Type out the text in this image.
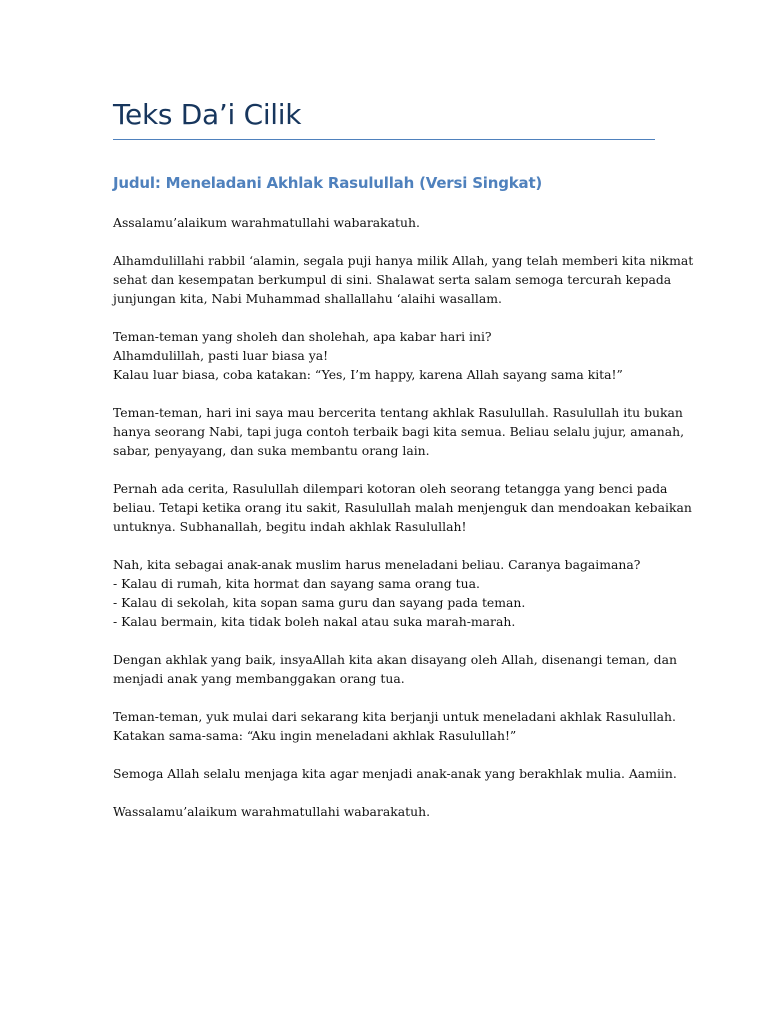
Teks Da’i Cilik
Judul: Meneladani Akhlak Rasulullah (Versi Singkat)

Assalamu’alaikum warahmatullahi wabarakatuh.

Alhamdulillahi rabbil ‘alamin, segala puji hanya milik Allah, yang telah memberi kita nikmat
sehat dan kesempatan berkumpul di sini. Shalawat serta salam semoga tercurah kepada
junjungan kita, Nabi Muhammad shallallahu ‘alaihi wasallam.

Teman-teman yang sholeh dan sholehah, apa kabar hari ini?
Alhamdulillah, pasti luar biasa ya!
Kalau luar biasa, coba katakan: “Yes, I’m happy, karena Allah sayang sama kita!”

Teman-teman, hari ini saya mau bercerita tentang akhlak Rasulullah. Rasulullah itu bukan
hanya seorang Nabi, tapi juga contoh terbaik bagi kita semua. Beliau selalu jujur, amanah,
sabar, penyayang, dan suka membantu orang lain.

Pernah ada cerita, Rasulullah dilempari kotoran oleh seorang tetangga yang benci pada
beliau. Tetapi ketika orang itu sakit, Rasulullah malah menjenguk dan mendoakan kebaikan
untuknya. Subhanallah, begitu indah akhlak Rasulullah!

Nah, kita sebagai anak-anak muslim harus meneladani beliau. Caranya bagaimana?
- Kalau di rumah, kita hormat dan sayang sama orang tua.
- Kalau di sekolah, kita sopan sama guru dan sayang pada teman.
- Kalau bermain, kita tidak boleh nakal atau suka marah-marah.

Dengan akhlak yang baik, insyaAllah kita akan disayang oleh Allah, disenangi teman, dan
menjadi anak yang membanggakan orang tua.

Teman-teman, yuk mulai dari sekarang kita berjanji untuk meneladani akhlak Rasulullah.
Katakan sama-sama: “Aku ingin meneladani akhlak Rasulullah!”

Semoga Allah selalu menjaga kita agar menjadi anak-anak yang berakhlak mulia. Aamiin.

Wassalamu’alaikum warahmatullahi wabarakatuh.
